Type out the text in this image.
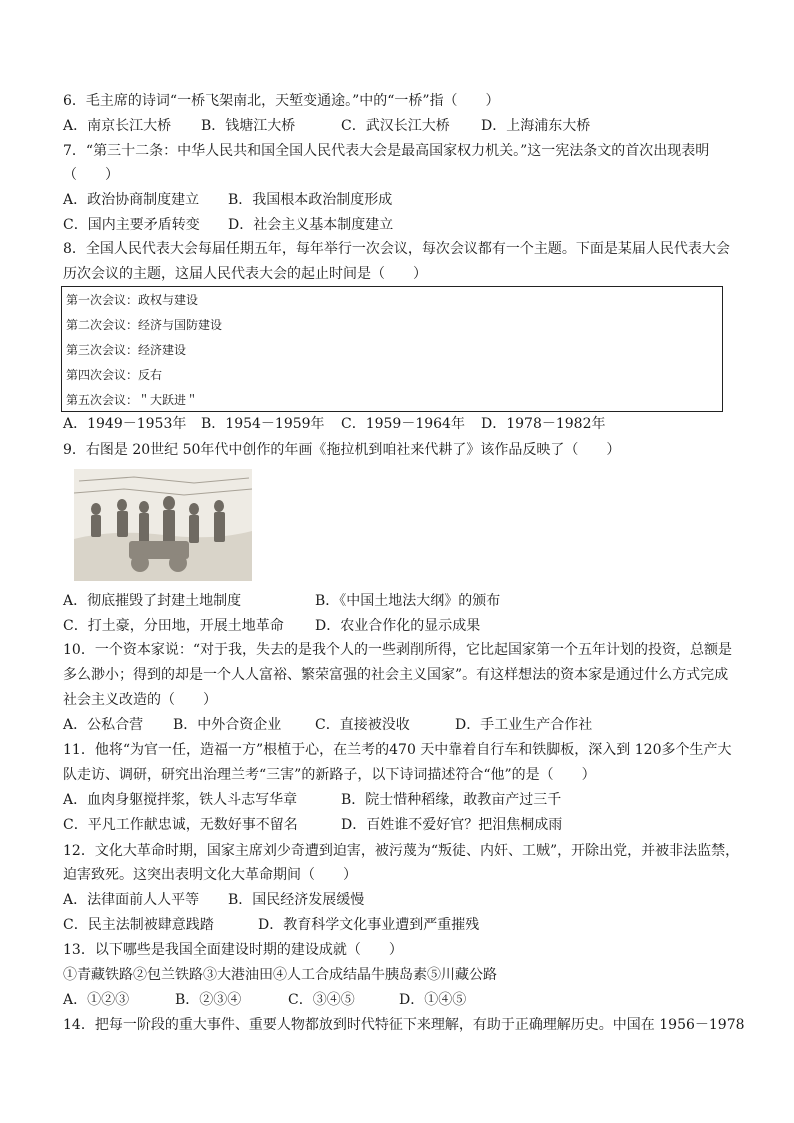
6．毛主席的诗词“一桥飞架南北，天堑变通途。”中的“一桥”指（　　）
A．南京长江大桥 B．钱塘江大桥	C．武汉长江大桥 D．上海浦东大桥
7．“第三十二条：中华人民共和国全国人民代表大会是最高国家权力机关。”这一宪法条文的首次出现表明
（　　）
A．政治协商制度建立 B．我国根本政治制度形成
C．国内主要矛盾转变 D．社会主义基本制度建立
8．全国人民代表大会每届任期五年，每年举行一次会议，每次会议都有一个主题。下面是某届人民代表大会
历次会议的主题，这届人民代表大会的起止时间是（　　）
第一次会议：政权与建设
第二次会议：经济与国防建设
第三次会议：经济建设
第四次会议：反右
第五次会议：＂大跃进＂
A．1949－1953年 B．1954－1959年 C．1959－1964年 D．1978－1982年
9．右图是 20世纪 50年代中创作的年画《拖拉机到咱社来代耕了》该作品反映了（　　）
A．彻底摧毁了封建土地制度	B．《中国土地法大纲》的颁布
C．打土豪，分田地，开展土地革命 D．农业合作化的显示成果
10．一个资本家说：“对于我，失去的是我个人的一些剥削所得，它比起国家第一个五年计划的投资，总额是
多么渺小；得到的却是一个人人富裕、繁荣富强的社会主义国家”。有这样想法的资本家是通过什么方式完成
社会主义改造的（　　）
A．公私合营 B．中外合资企业 C．直接被没收	D．手工业生产合作社
11．他将“为官一任，造福一方”根植于心，在兰考的470 天中靠着自行车和铁脚板，深入到 120多个生产大
队走访、调研，研究出治理兰考“三害”的新路子，以下诗词描述符合“他”的是（　　）
A．血肉身躯搅拌浆，铁人斗志写华章	B．院士惜种稻缘，敢教亩产过三千
C．平凡工作献忠诚，无数好事不留名	D．百姓谁不爱好官？把泪焦桐成雨
12．文化大革命时期，国家主席刘少奇遭到迫害，被污蔑为“叛徒、内奸、工贼”，开除出党，并被非法监禁，
迫害致死。这突出表明文化大革命期间（　　）
A．法律面前人人平等 B．国民经济发展缓慢
C．民主法制被肆意践踏	D．教育科学文化事业遭到严重摧残
13．以下哪些是我国全面建设时期的建设成就（　　）
①青藏铁路②包兰铁路③大港油田④人工合成结晶牛胰岛素⑤川藏公路
A．①②③	B．②③④	C．③④⑤	D．①④⑤
14．把每一阶段的重大事件、重要人物都放到时代特征下来理解，有助于正确理解历史。中国在 1956－1978
